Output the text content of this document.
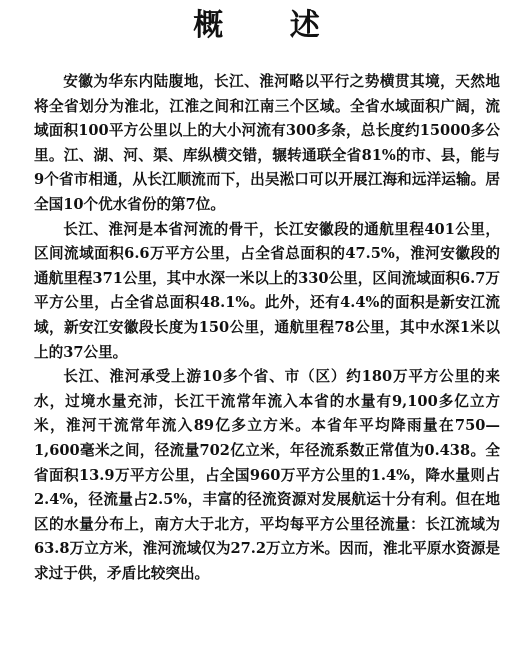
概 述

安徽为华东内陆腹地，长江、淮河略以平行之势横贯其境，天然地将全省划分为淮北，江淮之间和江南三个区域。全省水域面积广阔，流域面积100平方公里以上的大小河流有300多条，总长度约15000多公里。江、湖、河、渠、库纵横交错，辗转通联全省81%的市、县，能与9个省市相通，从长江顺流而下，出吴淞口可以开展江海和远洋运输。居全国10个优水省份的第7位。

长江、淮河是本省河流的骨干，长江安徽段的通航里程401公里，区间流域面积6.6万平方公里，占全省总面积的47.5%，淮河安徽段的通航里程371公里，其中水深一米以上的330公里，区间流域面积6.7万平方公里，占全省总面积48.1%。此外，还有4.4%的面积是新安江流域，新安江安徽段长度为150公里，通航里程78公里，其中水深1米以上的37公里。

长江、淮河承受上游10多个省、市（区）约180万平方公里的来水，过境水量充沛，长江干流常年流入本省的水量有9,100多亿立方米，淮河干流常年流入89亿多立方米。本省年平均降雨量在750—1,600毫米之间，径流量702亿立米，年径流系数正常值为0.438。全省面积13.9万平方公里，占全国960万平方公里的1.4%，降水量则占2.4%，径流量占2.5%，丰富的径流资源对发展航运十分有利。但在地区的水量分布上，南方大于北方，平均每平方公里径流量：长江流域为63.8万立方米，淮河流域仅为27.2万立方米。因而，淮北平原水资源是求过于供，矛盾比较突出。
